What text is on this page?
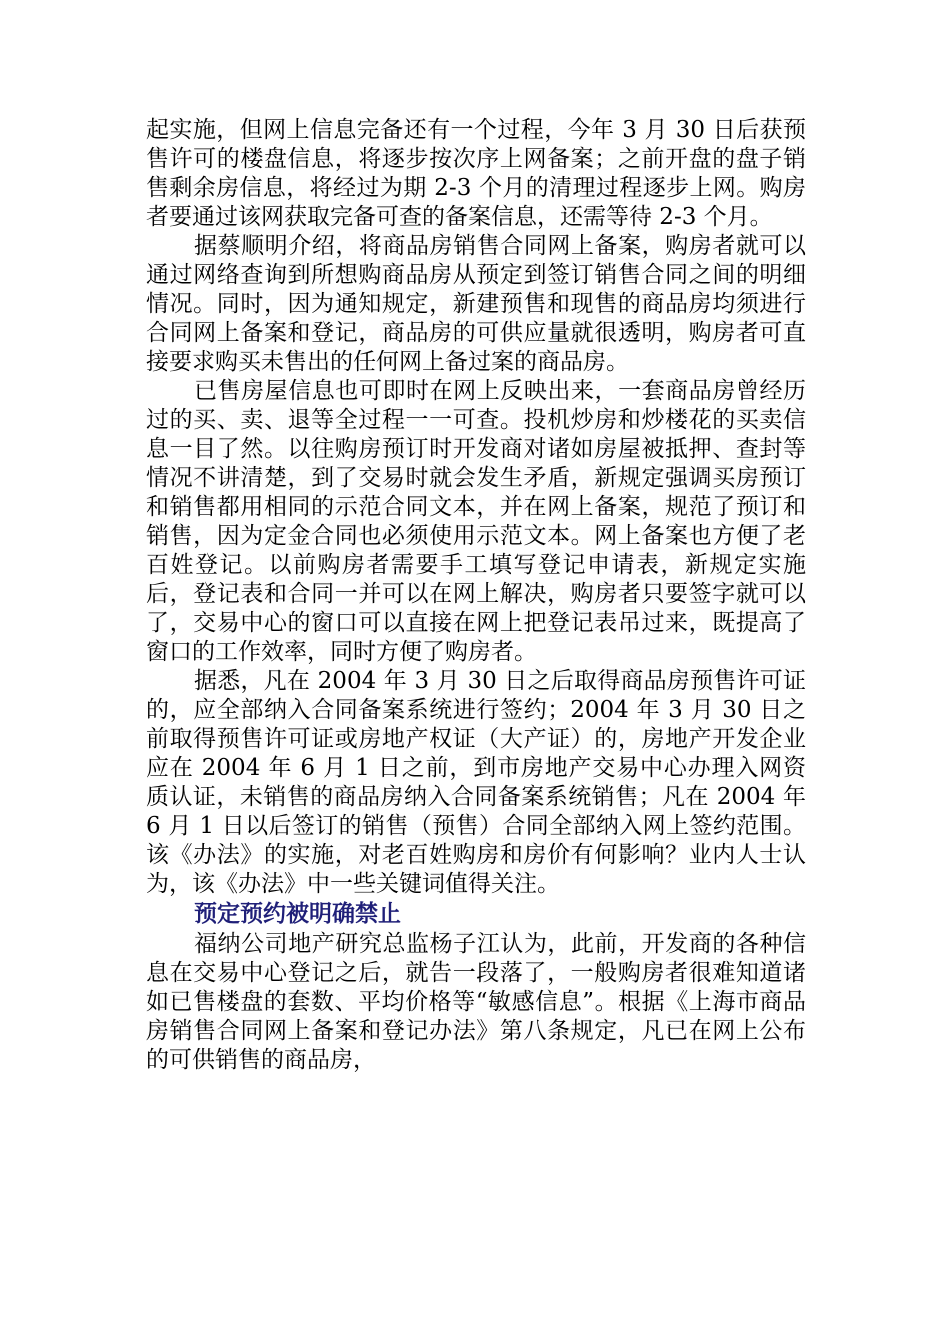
起实施，但网上信息完备还有一个过程，今年 3 月 30 日后获预售许可的楼盘信息，将逐步按次序上网备案；之前开盘的盘子销售剩余房信息，将经过为期 2-3 个月的清理过程逐步上网。购房者要通过该网获取完备可查的备案信息，还需等待 2-3 个月。

据蔡顺明介绍，将商品房销售合同网上备案，购房者就可以通过网络查询到所想购商品房从预定到签订销售合同之间的明细情况。同时，因为通知规定，新建预售和现售的商品房均须进行合同网上备案和登记，商品房的可供应量就很透明，购房者可直接要求购买未售出的任何网上备过案的商品房。

已售房屋信息也可即时在网上反映出来，一套商品房曾经历过的买、卖、退等全过程一一可查。投机炒房和炒楼花的买卖信息一目了然。以往购房预订时开发商对诸如房屋被抵押、查封等情况不讲清楚，到了交易时就会发生矛盾，新规定强调买房预订和销售都用相同的示范合同文本，并在网上备案，规范了预订和销售，因为定金合同也必须使用示范文本。网上备案也方便了老百姓登记。以前购房者需要手工填写登记申请表，新规定实施后，登记表和合同一并可以在网上解决，购房者只要签字就可以了，交易中心的窗口可以直接在网上把登记表吊过来，既提高了窗口的工作效率，同时方便了购房者。

据悉，凡在 2004 年 3 月 30 日之后取得商品房预售许可证的，应全部纳入合同备案系统进行签约；2004 年 3 月 30 日之前取得预售许可证或房地产权证（大产证）的，房地产开发企业应在 2004 年 6 月 1 日之前，到市房地产交易中心办理入网资质认证，未销售的商品房纳入合同备案系统销售；凡在 2004 年 6 月 1 日以后签订的销售（预售）合同全部纳入网上签约范围。该《办法》的实施，对老百姓购房和房价有何影响？业内人士认为，该《办法》中一些关键词值得关注。

预定预约被明确禁止

福纳公司地产研究总监杨子江认为，此前，开发商的各种信息在交易中心登记之后，就告一段落了，一般购房者很难知道诸如已售楼盘的套数、平均价格等“敏感信息”。根据《上海市商品房销售合同网上备案和登记办法》第八条规定，凡已在网上公布的可供销售的商品房，
